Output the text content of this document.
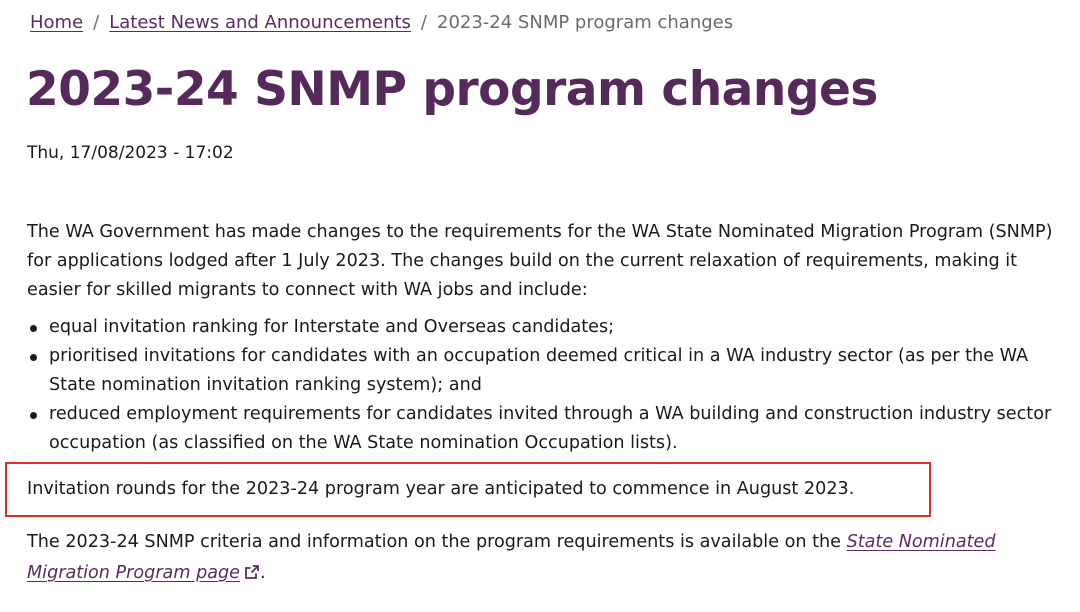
Home / Latest News and Announcements / 2023-24 SNMP program changes
2023-24 SNMP program changes
Thu, 17/08/2023 - 17:02

The WA Government has made changes to the requirements for the WA State Nominated Migration Program (SNMP) for applications lodged after 1 July 2023. The changes build on the current relaxation of requirements, making it easier for skilled migrants to connect with WA jobs and include:

equal invitation ranking for Interstate and Overseas candidates;
prioritised invitations for candidates with an occupation deemed critical in a WA industry sector (as per the WA State nomination invitation ranking system); and
reduced employment requirements for candidates invited through a WA building and construction industry sector occupation (as classified on the WA State nomination Occupation lists).
Invitation rounds for the 2023-24 program year are anticipated to commence in August 2023.

The 2023-24 SNMP criteria and information on the program requirements is available on the State Nominated Migration Program page .
